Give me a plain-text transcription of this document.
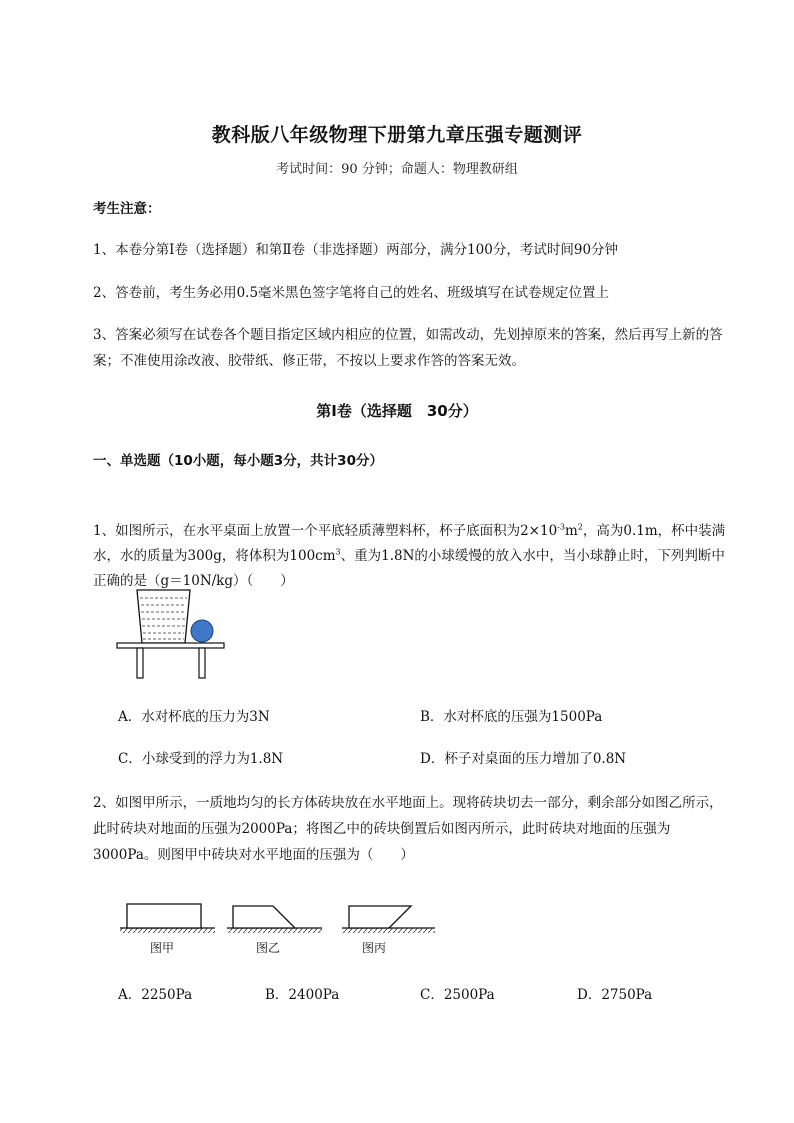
教科版八年级物理下册第九章压强专题测评
考试时间：90 分钟；命题人：物理教研组
考生注意：
1、本卷分第Ⅰ卷（选择题）和第Ⅱ卷（非选择题）两部分，满分100分，考试时间90分钟
2、答卷前，考生务必用0.5毫米黑色签字笔将自己的姓名、班级填写在试卷规定位置上
3、答案必须写在试卷各个题目指定区域内相应的位置，如需改动，先划掉原来的答案，然后再写上新的答案；不准使用涂改液、胶带纸、修正带，不按以上要求作答的答案无效。
第Ⅰ卷（选择题　30分）
一、单选题（10小题，每小题3分，共计30分）
1、如图所示，在水平桌面上放置一个平底轻质薄塑料杯，杯子底面积为$2\times 10^{-3}m^2$，高为0.1m，杯中装满水，水的质量为300g，将体积为$100cm^3$、重为1.8N的小球缓慢的放入水中，当小球静止时，下列判断中正确的是（g＝10N/kg）（　　）
A．水对杯底的压力为3N	B．水对杯底的压强为1500Pa
C．小球受到的浮力为1.8N	D．杯子对桌面的压力增加了0.8N
2、如图甲所示，一质地均匀的长方体砖块放在水平地面上。现将砖块切去一部分，剩余部分如图乙所示，此时砖块对地面的压强为2000Pa；将图乙中的砖块倒置后如图丙所示，此时砖块对地面的压强为3000Pa。则图甲中砖块对水平地面的压强为（　　）
图甲	图乙	图丙
A．2250Pa	B．2400Pa	C．2500Pa	D．2750Pa
